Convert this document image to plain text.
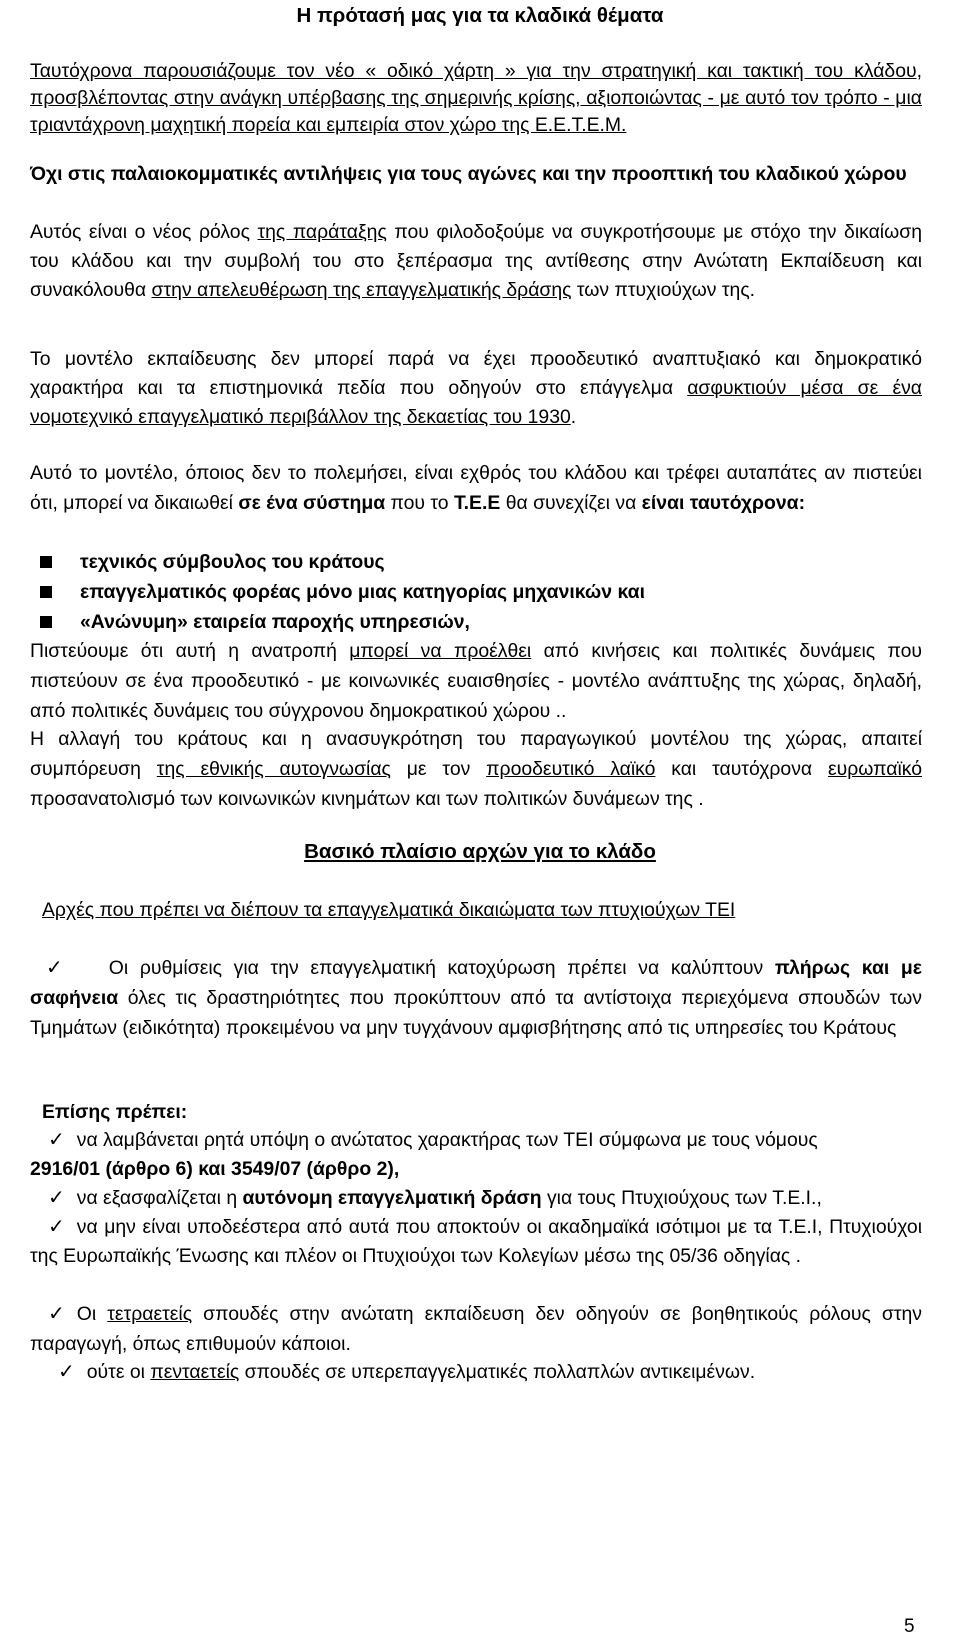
Η πρότασή μας για τα κλαδικά θέματα

Ταυτόχρονα παρουσιάζουμε τον νέο « οδικό χάρτη » για την στρατηγική και τακτική του κλάδου, προσβλέποντας στην ανάγκη υπέρβασης της σημερινής κρίσης, αξιοποιώντας - με αυτό τον τρόπο - μια τριαντάχρονη μαχητική πορεία και εμπειρία στον χώρο της Ε.Ε.Τ.Ε.Μ.

Όχι στις παλαιοκομματικές αντιλήψεις για τους αγώνες και την προοπτική του κλαδικού χώρου

Αυτός είναι ο νέος ρόλος της παράταξης που φιλοδοξούμε να συγκροτήσουμε με στόχο την δικαίωση του κλάδου και την συμβολή του στο ξεπέρασμα της αντίθεσης στην Ανώτατη Εκπαίδευση και συνακόλουθα στην απελευθέρωση της επαγγελματικής δράσης των πτυχιούχων της.

Το μοντέλο εκπαίδευσης δεν μπορεί παρά να έχει προοδευτικό αναπτυξιακό και δημοκρατικό χαρακτήρα και τα επιστημονικά πεδία που οδηγούν στο επάγγελμα ασφυκτιούν μέσα σε ένα νομοτεχνικό επαγγελματικό περιβάλλον της δεκαετίας του 1930.

Αυτό το μοντέλο, όποιος δεν το πολεμήσει, είναι εχθρός του κλάδου και τρέφει αυταπάτες αν πιστεύει ότι, μπορεί να δικαιωθεί σε ένα σύστημα που το Τ.Ε.Ε θα συνεχίζει να είναι ταυτόχρονα:

τεχνικός σύμβουλος του κράτους
επαγγελματικός φορέας μόνο μιας κατηγορίας μηχανικών και
«Ανώνυμη» εταιρεία παροχής υπηρεσιών,

Πιστεύουμε ότι αυτή η ανατροπή μπορεί να προέλθει από κινήσεις και πολιτικές δυνάμεις που πιστεύουν σε ένα προοδευτικό - με κοινωνικές ευαισθησίες - μοντέλο ανάπτυξης της χώρας, δηλαδή, από πολιτικές δυνάμεις του σύγχρονου δημοκρατικού χώρου ..

Η αλλαγή του κράτους και η ανασυγκρότηση του παραγωγικού μοντέλου της χώρας, απαιτεί συμπόρευση της εθνικής αυτογνωσίας με τον προοδευτικό λαϊκό και ταυτόχρονα ευρωπαϊκό προσανατολισμό των κοινωνικών κινημάτων και των πολιτικών δυνάμεων της .

Βασικό πλαίσιο αρχών για το κλάδο
Αρχές που πρέπει να διέπουν τα επαγγελματικά δικαιώματα των πτυχιούχων ΤΕΙ

✓ Οι ρυθμίσεις για την επαγγελματική κατοχύρωση πρέπει να καλύπτουν πλήρως και με σαφήνεια όλες τις δραστηριότητες που προκύπτουν από τα αντίστοιχα περιεχόμενα σπουδών των Τμημάτων (ειδικότητα) προκειμένου να μην τυγχάνουν αμφισβήτησης από τις υπηρεσίες του Κράτους

Επίσης πρέπει:

✓ να λαμβάνεται ρητά υπόψη ο ανώτατος χαρακτήρας των ΤΕΙ σύμφωνα με τους νόμους
2916/01 (άρθρο 6) και 3549/07 (άρθρο 2),

✓ να εξασφαλίζεται η αυτόνομη επαγγελματική δράση για τους Πτυχιούχους των Τ.Ε.Ι.,

✓ να μην είναι υποδεέστερα από αυτά που αποκτούν οι ακαδημαϊκά ισότιμοι με τα Τ.Ε.Ι, Πτυχιούχοι της Ευρωπαϊκής Ένωσης και πλέον οι Πτυχιούχοι των Κολεγίων μέσω της 05/36 οδηγίας .

✓ Οι τετραετείς σπουδές στην ανώτατη εκπαίδευση δεν οδηγούν σε βοηθητικούς ρόλους στην παραγωγή, όπως επιθυμούν κάποιοι.

✓ ούτε οι πενταετείς σπουδές σε υπερεπαγγελματικές πολλαπλών αντικειμένων.

5
